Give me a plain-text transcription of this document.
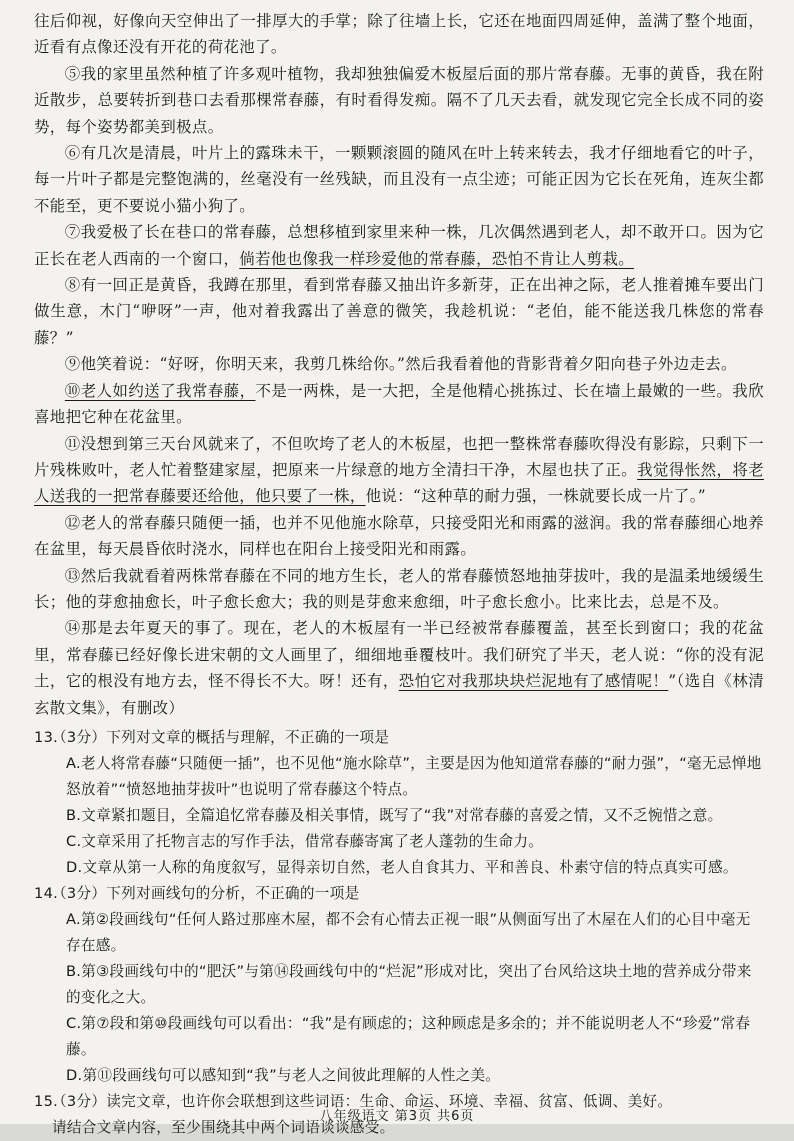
往后仰视，好像向天空伸出了一排厚大的手掌；除了往墙上长，它还在地面四周延伸，盖满了整个地面，近看有点像还没有开花的荷花池了。

⑤我的家里虽然种植了许多观叶植物，我却独独偏爱木板屋后面的那片常春藤。无事的黄昏，我在附近散步，总要转折到巷口去看那棵常春藤，有时看得发痴。隔不了几天去看，就发现它完全长成不同的姿势，每个姿势都美到极点。

⑥有几次是清晨，叶片上的露珠未干，一颗颗滚圆的随风在叶上转来转去，我才仔细地看它的叶子，每一片叶子都是完整饱满的，丝毫没有一丝残缺，而且没有一点尘迹；可能正因为它长在死角，连灰尘都不能至，更不要说小猫小狗了。

⑦我爱极了长在巷口的常春藤，总想移植到家里来种一株，几次偶然遇到老人，却不敢开口。因为它正长在老人西南的一个窗口，倘若他也像我一样珍爱他的常春藤，恐怕不肯让人剪栽。

⑧有一回正是黄昏，我蹲在那里，看到常春藤又抽出许多新芽，正在出神之际，老人推着摊车要出门做生意，木门“咿呀”一声，他对着我露出了善意的微笑，我趁机说：“老伯，能不能送我几株您的常春藤？”

⑨他笑着说：“好呀，你明天来，我剪几株给你。”然后我看着他的背影背着夕阳向巷子外边走去。

⑩老人如约送了我常春藤，不是一两株，是一大把，全是他精心挑拣过、长在墙上最嫩的一些。我欣喜地把它种在花盆里。

⑪没想到第三天台风就来了，不但吹垮了老人的木板屋，也把一整株常春藤吹得没有影踪，只剩下一片残株败叶，老人忙着整建家屋，把原来一片绿意的地方全清扫干净，木屋也扶了正。我觉得怅然，将老人送我的一把常春藤要还给他，他只要了一株，他说：“这种草的耐力强，一株就要长成一片了。”

⑫老人的常春藤只随便一插，也并不见他施水除草，只接受阳光和雨露的滋润。我的常春藤细心地养在盆里，每天晨昏依时浇水，同样也在阳台上接受阳光和雨露。

⑬然后我就看着两株常春藤在不同的地方生长，老人的常春藤愤怒地抽芽拔叶，我的是温柔地缓缓生长；他的芽愈抽愈长，叶子愈长愈大；我的则是芽愈来愈细，叶子愈长愈小。比来比去，总是不及。

⑭那是去年夏天的事了。现在，老人的木板屋有一半已经被常春藤覆盖，甚至长到窗口；我的花盆里，常春藤已经好像长进宋朝的文人画里了，细细地垂覆枝叶。我们研究了半天，老人说：“你的没有泥土，它的根没有地方去，怪不得长不大。呀！还有，恐怕它对我那块块烂泥地有了感情呢！”（选自《林清玄散文集》，有删改）

13.（3分）下列对文章的概括与理解，不正确的一项是

A.老人将常春藤“只随便一插”，也不见他“施水除草”，主要是因为他知道常春藤的“耐力强”，“毫无忌惮地怒放着”“愤怒地抽芽拔叶”也说明了常春藤这个特点。

B.文章紧扣题目，全篇追忆常春藤及相关事情，既写了“我”对常春藤的喜爱之情，又不乏惋惜之意。

C.文章采用了托物言志的写作手法，借常春藤寄寓了老人蓬勃的生命力。

D.文章从第一人称的角度叙写，显得亲切自然，老人自食其力、平和善良、朴素守信的特点真实可感。

14.（3分）下列对画线句的分析，不正确的一项是

A.第②段画线句“任何人路过那座木屋，都不会有心情去正视一眼”从侧面写出了木屋在人们的心目中毫无存在感。

B.第③段画线句中的“肥沃”与第⑭段画线句中的“烂泥”形成对比，突出了台风给这块土地的营养成分带来的变化之大。

C.第⑦段和第⑩段画线句可以看出：“我”是有顾虑的；这种顾虑是多余的；并不能说明老人不“珍爱”常春藤。

D.第⑪段画线句可以感知到“我”与老人之间彼此理解的人性之美。

15.（3分）读完文章，也许你会联想到这些词语：生命、命运、环境、幸福、贫富、低调、美好。

请结合文章内容，至少围绕其中两个词语谈谈感受。

八年级语文 第3页 共6页
